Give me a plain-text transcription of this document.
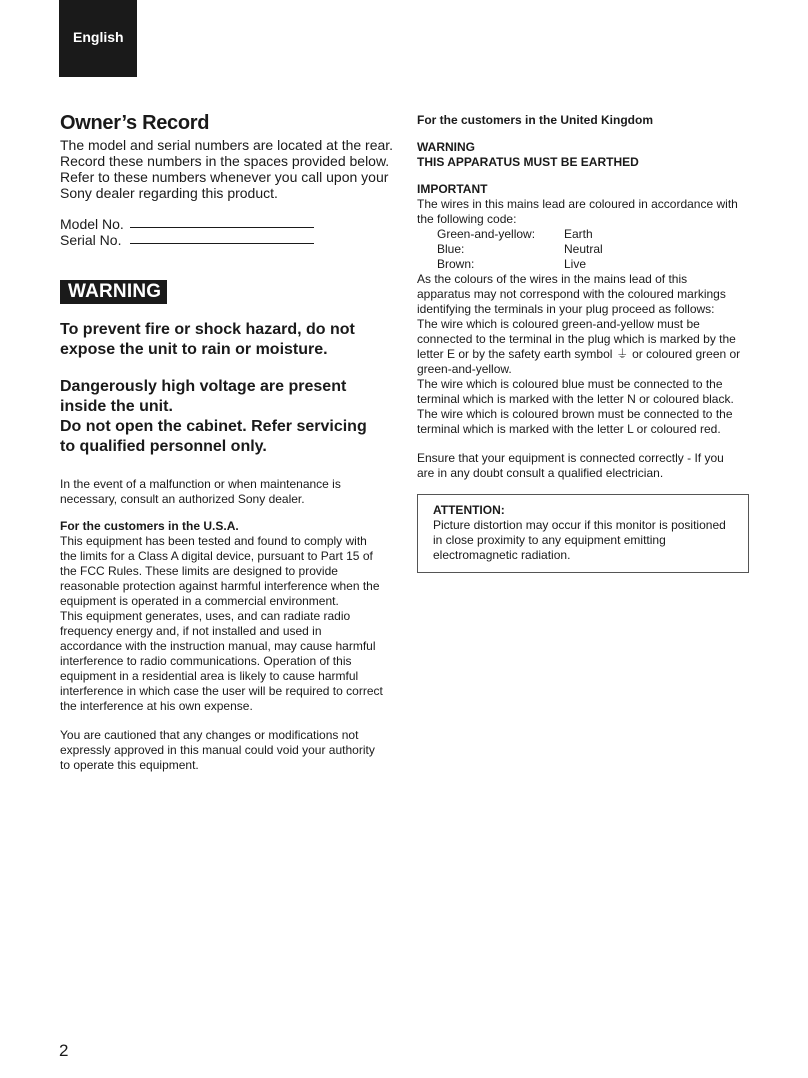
English
Owner’s Record
The model and serial numbers are located at the rear.
Record these numbers in the spaces provided below.
Refer to these numbers whenever you call upon your
Sony dealer regarding this product.
Model No.
Serial No.
WARNING
To prevent fire or shock hazard, do not
expose the unit to rain or moisture.
Dangerously high voltage are present
inside the unit.
Do not open the cabinet. Refer servicing
to qualified personnel only.
In the event of a malfunction or when maintenance is
necessary, consult an authorized Sony dealer.
For the customers in the U.S.A.
This equipment has been tested and found to comply with
the limits for a Class A digital device, pursuant to Part 15 of
the FCC Rules. These limits are designed to provide
reasonable protection against harmful interference when the
equipment is operated in a commercial environment.
This equipment generates, uses, and can radiate radio
frequency energy and, if not installed and used in
accordance with the instruction manual, may cause harmful
interference to radio communications. Operation of this
equipment in a residential area is likely to cause harmful
interference in which case the user will be required to correct
the interference at his own expense.
You are cautioned that any changes or modifications not
expressly approved in this manual could void your authority
to operate this equipment.
For the customers in the United Kingdom
WARNING
THIS APPARATUS MUST BE EARTHED
IMPORTANT
The wires in this mains lead are coloured in accordance with
the following code:
Green-and-yellow:	Earth
Blue:	Neutral
Brown:	Live
As the colours of the wires in the mains lead of this
apparatus may not correspond with the coloured markings
identifying the terminals in your plug proceed as follows:
The wire which is coloured green-and-yellow must be
connected to the terminal in the plug which is marked by the
letter E or by the safety earth symbol ⏚ or coloured green or
green-and-yellow.
The wire which is coloured blue must be connected to the
terminal which is marked with the letter N or coloured black.
The wire which is coloured brown must be connected to the
terminal which is marked with the letter L or coloured red.
Ensure that your equipment is connected correctly - If you
are in any doubt consult a qualified electrician.
ATTENTION:
Picture distortion may occur if this monitor is positioned
in close proximity to any equipment emitting
electromagnetic radiation.
2
